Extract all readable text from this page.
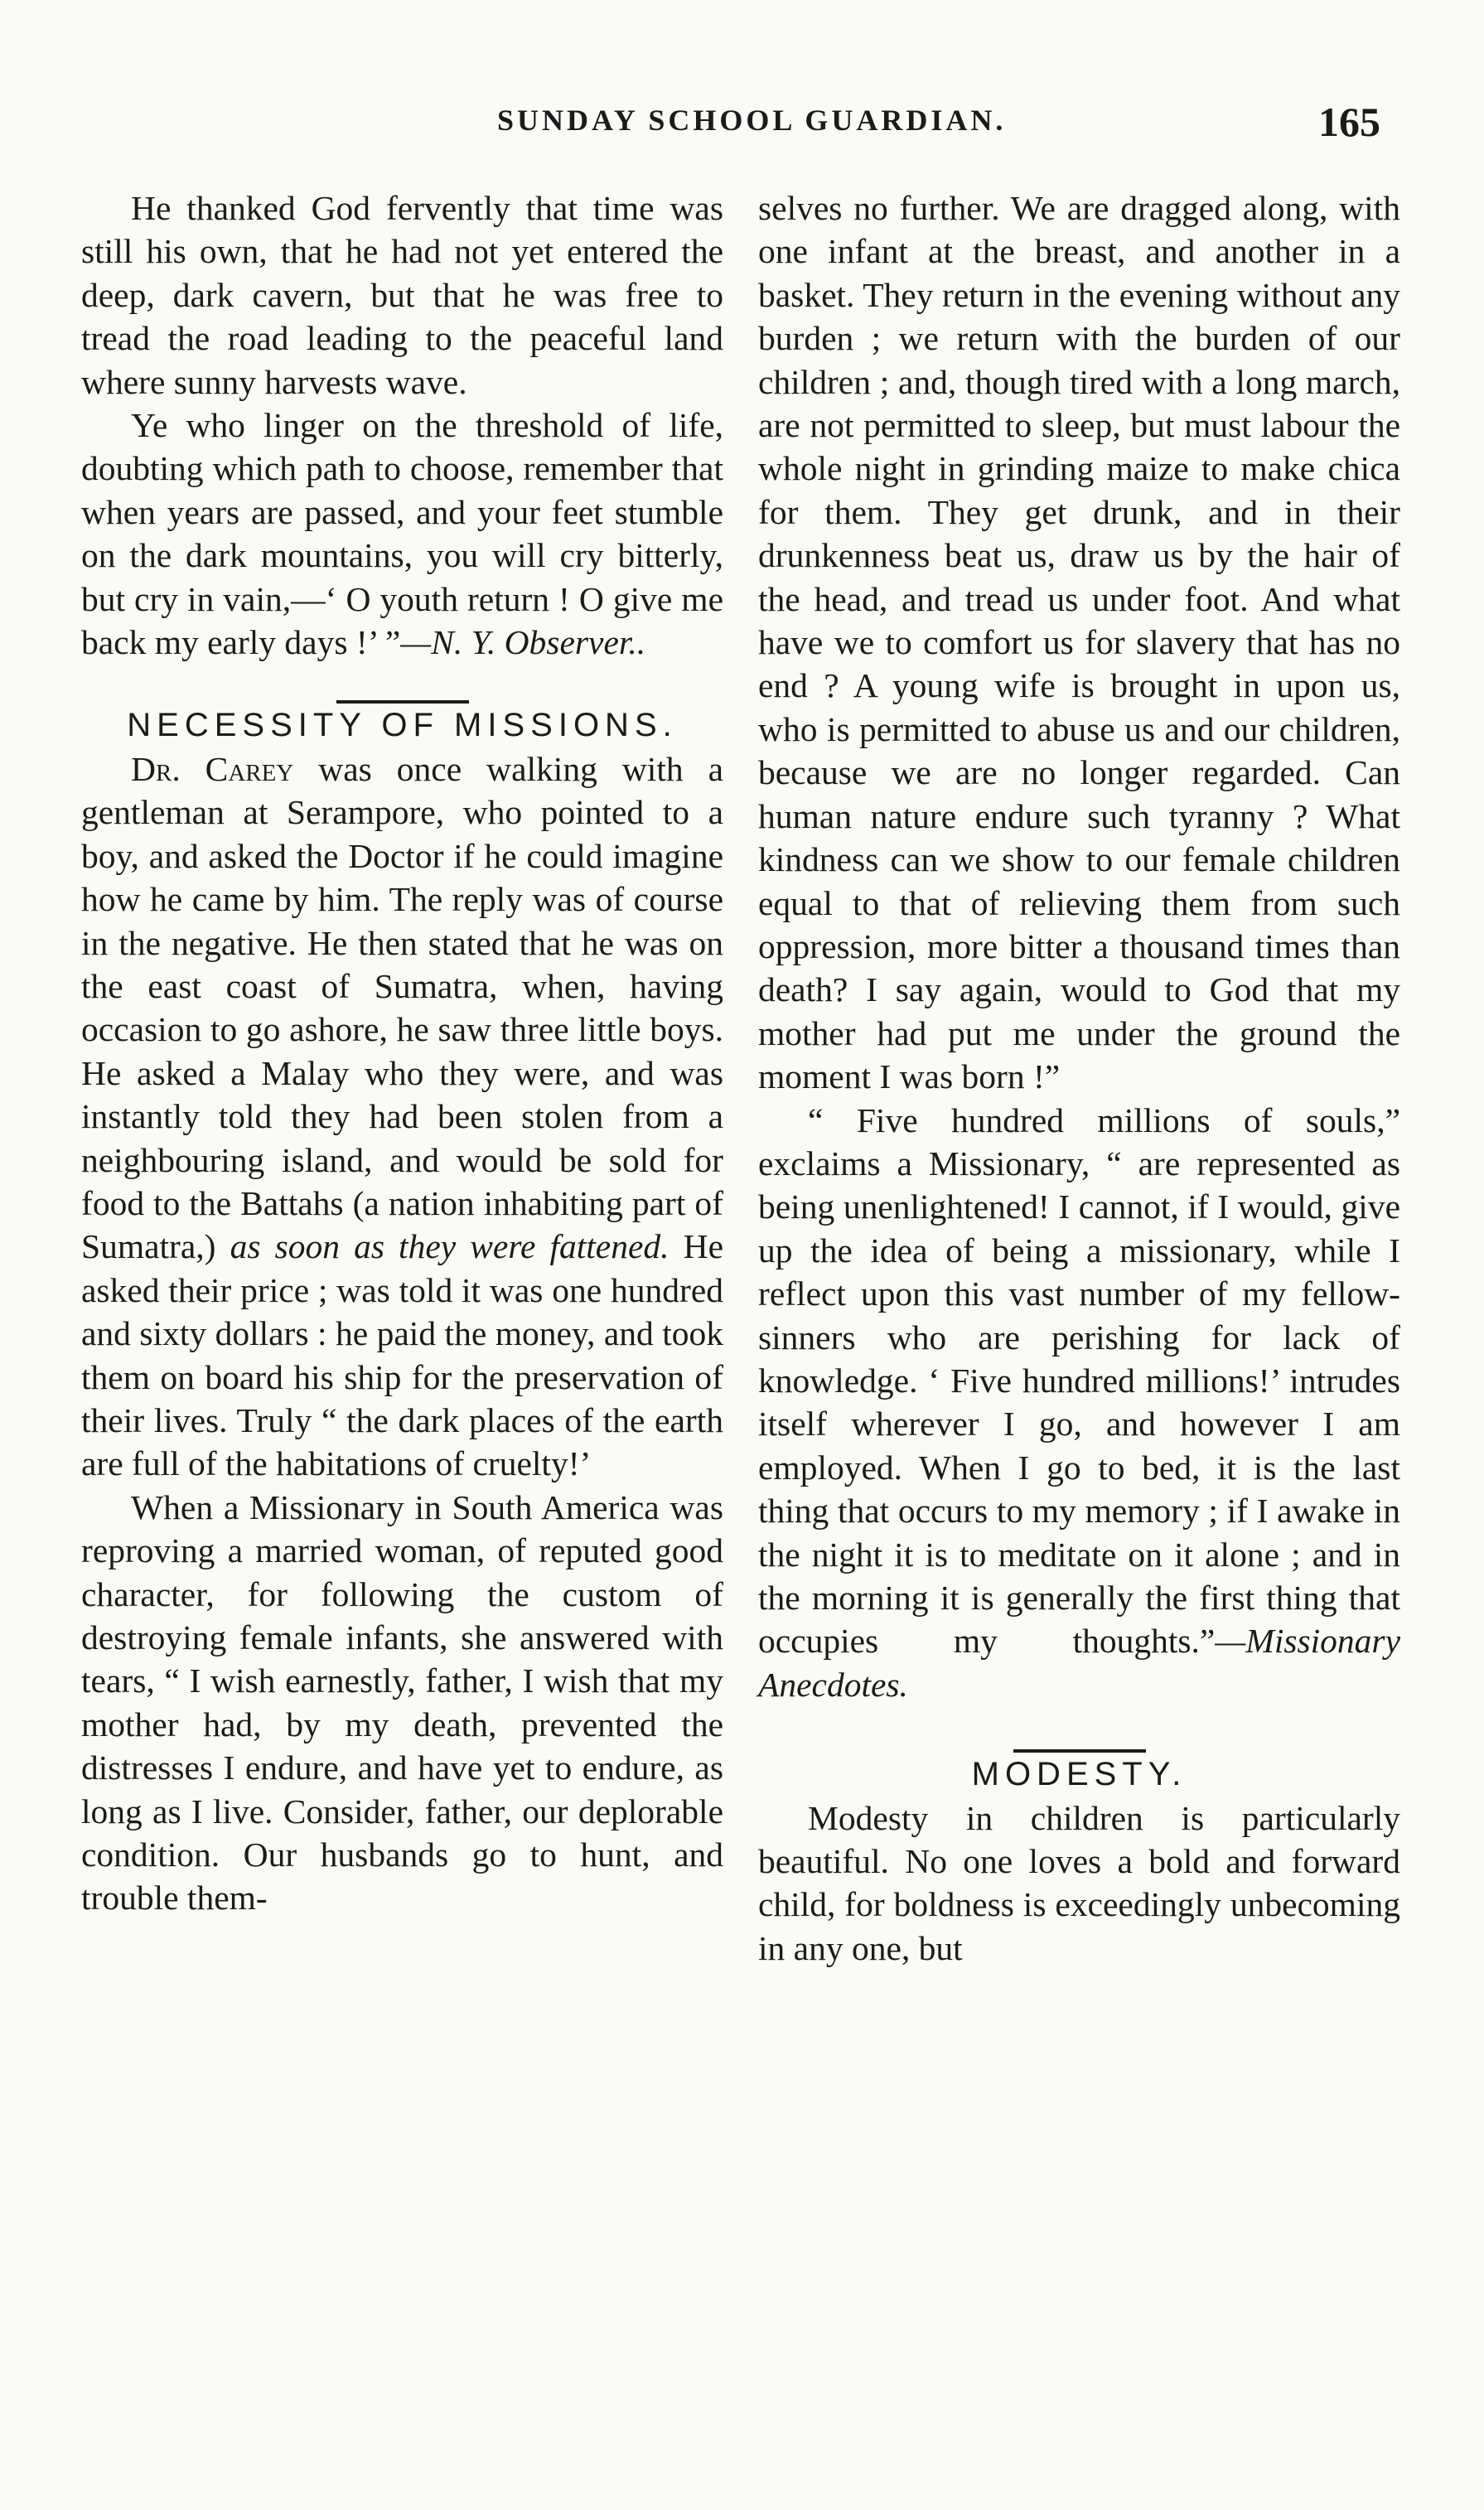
SUNDAY SCHOOL GUARDIAN.	165

He thanked God fervently that time was still his own, that he had not yet entered the deep, dark cavern, but that he was free to tread the road leading to the peaceful land where sunny harvests wave.

Ye who linger on the threshold of life, doubting which path to choose, remember that when years are passed, and your feet stumble on the dark mountains, you will cry bitterly, but cry in vain,—‘ O youth return ! O give me back my early days !’ ”—N. Y. Observer..

NECESSITY OF MISSIONS.

Dr. Carey was once walking with a gentleman at Serampore, who pointed to a boy, and asked the Doctor if he could imagine how he came by him. The reply was of course in the negative. He then stated that he was on the east coast of Sumatra, when, having occasion to go ashore, he saw three little boys. He asked a Malay who they were, and was instantly told they had been stolen from a neighbouring island, and would be sold for food to the Battahs (a nation inhabiting part of Sumatra,) as soon as they were fattened. He asked their price ; was told it was one hundred and sixty dollars : he paid the money, and took them on board his ship for the preservation of their lives. Truly “ the dark places of the earth are full of the habitations of cruelty!’

When a Missionary in South America was reproving a married woman, of reputed good character, for following the custom of destroying female infants, she answered with tears, “ I wish earnestly, father, I wish that my mother had, by my death, prevented the distresses I endure, and have yet to endure, as long as I live. Consider, father, our deplorable condition. Our husbands go to hunt, and trouble them-

selves no further. We are dragged along, with one infant at the breast, and another in a basket. They return in the evening without any burden ; we return with the burden of our children ; and, though tired with a long march, are not permitted to sleep, but must labour the whole night in grinding maize to make chica for them. They get drunk, and in their drunkenness beat us, draw us by the hair of the head, and tread us under foot. And what have we to comfort us for slavery that has no end ? A young wife is brought in upon us, who is permitted to abuse us and our children, because we are no longer regarded. Can human nature endure such tyranny ? What kindness can we show to our female children equal to that of relieving them from such oppression, more bitter a thousand times than death? I say again, would to God that my mother had put me under the ground the moment I was born !”

“ Five hundred millions of souls,” exclaims a Missionary, “ are represented as being unenlightened! I cannot, if I would, give up the idea of being a missionary, while I reflect upon this vast number of my fellow-sinners who are perishing for lack of knowledge. ‘ Five hundred millions!’ intrudes itself wherever I go, and however I am employed. When I go to bed, it is the last thing that occurs to my memory ; if I awake in the night it is to meditate on it alone ; and in the morning it is generally the first thing that occupies my thoughts.”—Missionary Anecdotes.

MODESTY.

Modesty in children is particularly beautiful. No one loves a bold and forward child, for boldness is exceedingly unbecoming in any one, but
